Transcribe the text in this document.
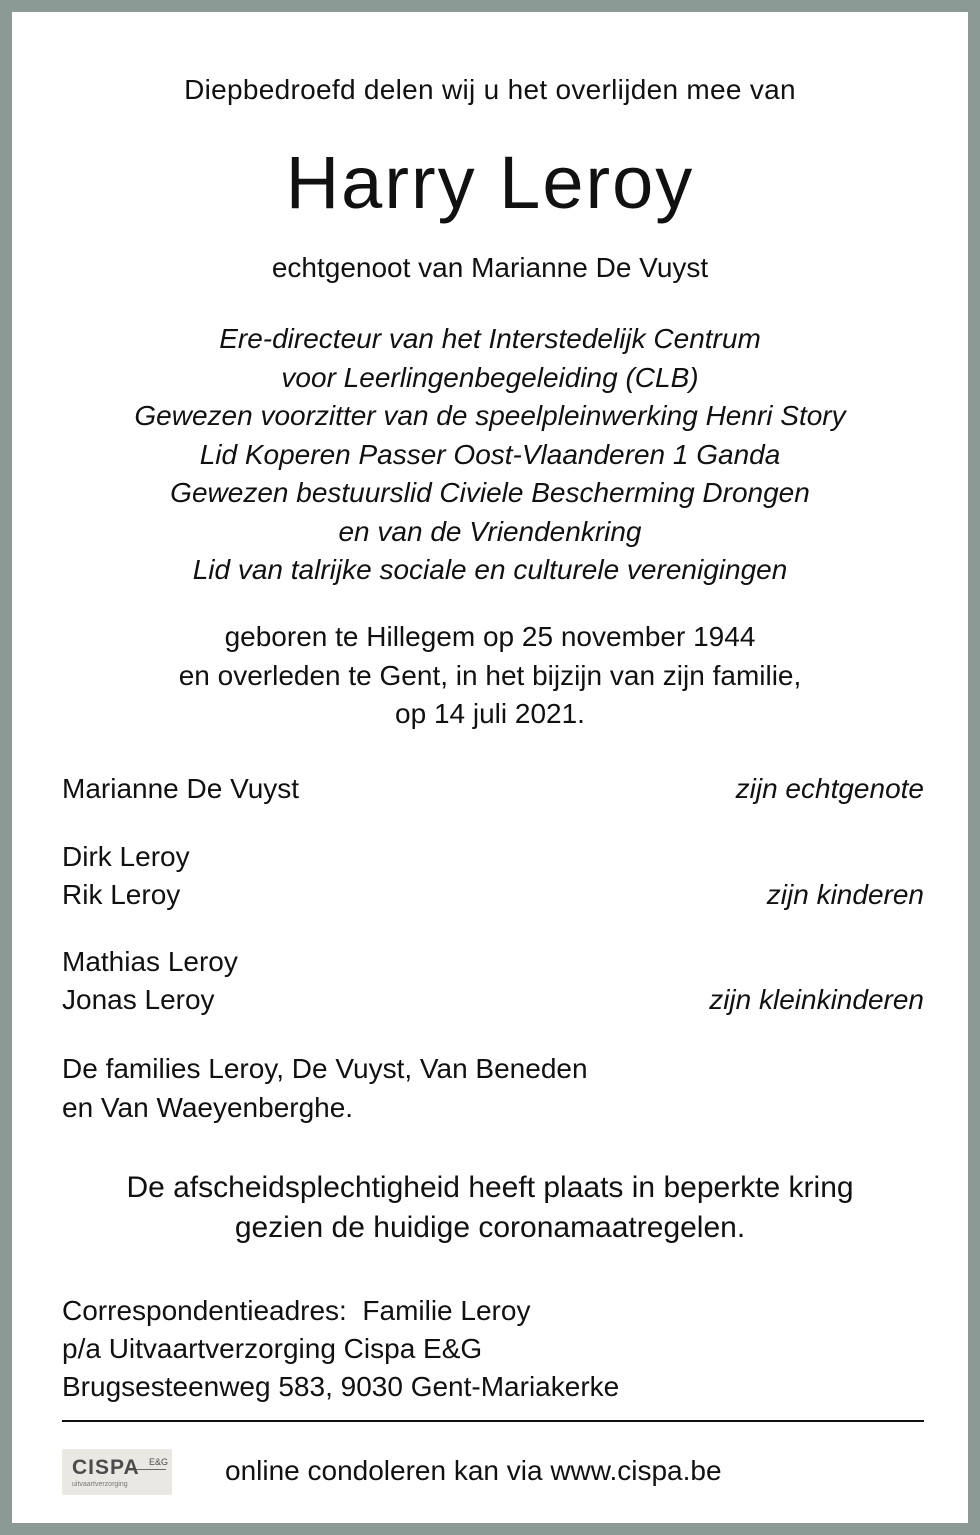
Diepbedroefd delen wij u het overlijden mee van
Harry Leroy
echtgenoot van Marianne De Vuyst
Ere-directeur van het Interstedelijk Centrum
voor Leerlingenbegeleiding (CLB)
Gewezen voorzitter van de speelpleinwerking Henri Story
Lid Koperen Passer Oost-Vlaanderen 1 Ganda
Gewezen bestuurslid Civiele Bescherming Drongen
en van de Vriendenkring
Lid van talrijke sociale en culturele verenigingen
geboren te Hillegem op 25 november 1944
en overleden te Gent, in het bijzijn van zijn familie,
op 14 juli 2021.
Marianne De Vuyst	zijn echtgenote
Dirk Leroy
Rik Leroy	zijn kinderen
Mathias Leroy
Jonas Leroy	zijn kleinkinderen
De families Leroy, De Vuyst, Van Beneden
en Van Waeyenberghe.
De afscheidsplechtigheid heeft plaats in beperkte kring
gezien de huidige coronamaatregelen.
Correspondentieadres:  Familie Leroy
p/a Uitvaartverzorging Cispa E&G
Brugsesteenweg 583, 9030 Gent-Mariakerke
CISPA E&G
uitvaartverzorging	online condoleren kan via www.cispa.be
